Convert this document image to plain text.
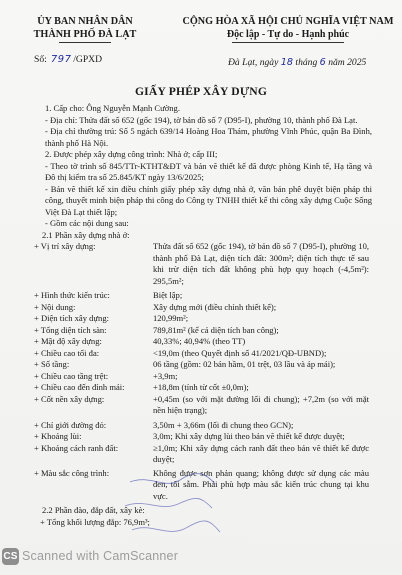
ỦY BAN NHÂN DÂN
THÀNH PHỐ ĐÀ LẠT
CỘNG HÒA XÃ HỘI CHỦ NGHĨA VIỆT NAM
Độc lập - Tự do - Hạnh phúc
Số: 797 /GPXD	Đà Lạt, ngày 18 tháng 6 năm 2025
GIẤY PHÉP XÂY DỰNG

1. Cấp cho: Ông Nguyễn Mạnh Cường.

- Địa chỉ: Thửa đất số 652 (gốc 194), tờ bản đồ số 7 (D95-I), phường 10, thành phố Đà Lạt.

- Địa chỉ thường trú: Số 5 ngách 639/14 Hoàng Hoa Thám, phường Vĩnh Phúc, quận Ba Đình, thành phố Hà Nội.

2. Được phép xây dựng công trình: Nhà ở; cấp III;

- Theo tờ trình số 845/TTr-KTHT&ĐT và bản vẽ thiết kế đã được phòng Kinh tế, Hạ tầng và Đô thị kiểm tra số 25.845/KT ngày 13/6/2025;

- Bản vẽ thiết kế xin điều chỉnh giấy phép xây dựng nhà ở, văn bản phê duyệt biện pháp thi công, thuyết minh biện pháp thi công do Công ty TNHH thiết kế thi công xây dựng Cuộc Sống Việt Đà Lạt thiết lập;

- Gồm các nội dung sau:

2.1 Phần xây dựng nhà ở:

+ Vị trí xây dựng:	Thửa đất số 652 (gốc 194), tờ bản đồ số 7 (D95-I), phường 10, thành phố Đà Lạt, diện tích đất: 300m²; diện tích thực tế sau khi trừ diện tích đất không phù hợp quy hoạch (-4,5m²): 295,5m²;
+ Hình thức kiến trúc:	Biệt lập;
+ Nội dung:	Xây dựng mới (điều chỉnh thiết kế);
+ Diện tích xây dựng:	120,99m²;
+ Tổng diện tích sàn:	789,81m² (kể cả diện tích ban công);
+ Mật độ xây dựng:	40,33%; 40,94% (theo TT)
+ Chiều cao tối đa:	<19,0m (theo Quyết định số 41/2021/QĐ-UBND);
+ Số tầng:	06 tầng (gồm: 02 bán hầm, 01 trệt, 03 lầu và áp mái);
+ Chiều cao tầng trệt:	+3,9m;
+ Chiều cao đến đỉnh mái:	+18,8m (tính từ cốt ±0,0m);
+ Cốt nền xây dựng:	+0,45m (so với mặt đường lối đi chung); +7,2m (so với mặt nền hiện trạng);
+ Chỉ giới đường đỏ:	3,50m + 3,66m (lối đi chung theo GCN);
+ Khoảng lùi:	3,0m; Khi xây dựng lùi theo bản vẽ thiết kế được duyệt;
+ Khoảng cách ranh đất:	≥1,0m; Khi xây dựng cách ranh đất theo bản vẽ thiết kế được duyệt;
+ Màu sắc công trình:	Không được sơn phản quang; không được sử dụng các màu đen, tối sẫm. Phải phù hợp màu sắc kiến trúc chung tại khu vực.

2.2 Phần đào, đắp đất, xây kè:

+ Tổng khối lượng đắp: 76,9m³;

CS Scanned with CamScanner
